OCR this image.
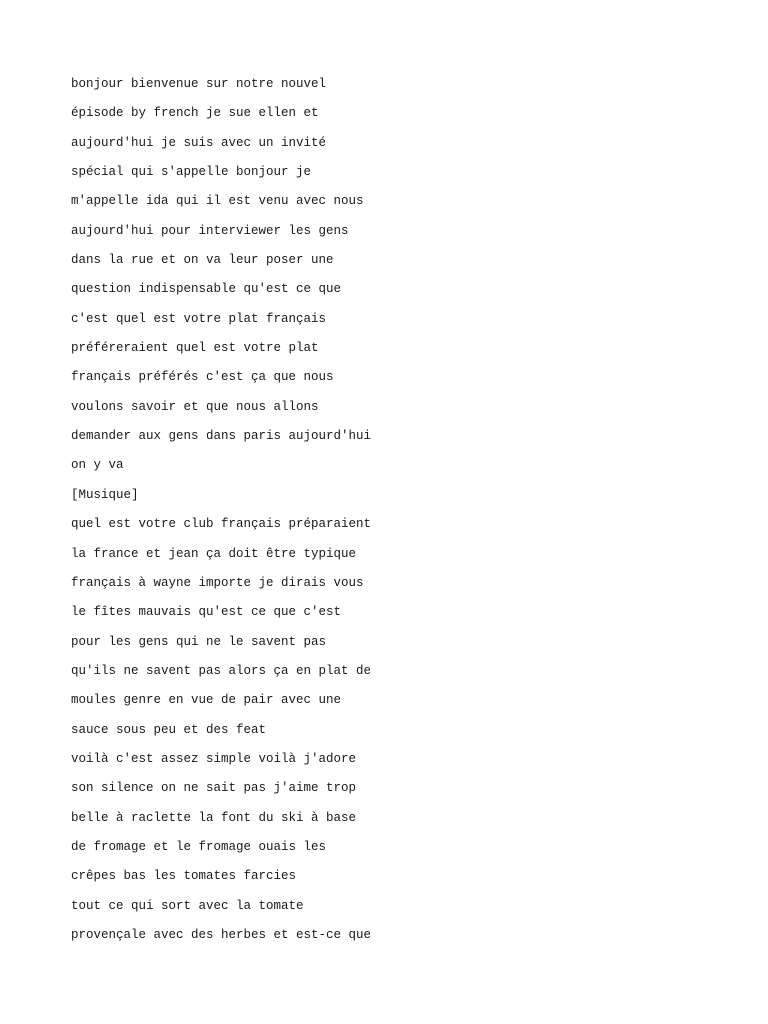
bonjour bienvenue sur notre nouvel
épisode by french je sue ellen et
aujourd'hui je suis avec un invité
spécial qui s'appelle bonjour je
m'appelle ida qui il est venu avec nous
aujourd'hui pour interviewer les gens
dans la rue et on va leur poser une
question indispensable qu'est ce que
c'est quel est votre plat français
préféreraient quel est votre plat
français préférés c'est ça que nous
voulons savoir et que nous allons
demander aux gens dans paris aujourd'hui
on y va
[Musique]
quel est votre club français préparaient
la france et jean ça doit être typique
français à wayne importe je dirais vous
le fîtes mauvais qu'est ce que c'est
pour les gens qui ne le savent pas
qu'ils ne savent pas alors ça en plat de
moules genre en vue de pair avec une
sauce sous peu et des feat
voilà c'est assez simple voilà j'adore
son silence on ne sait pas j'aime trop
belle à raclette la font du ski à base
de fromage et le fromage ouais les
crêpes bas les tomates farcies
tout ce qui sort avec la tomate
provençale avec des herbes et est-ce que
